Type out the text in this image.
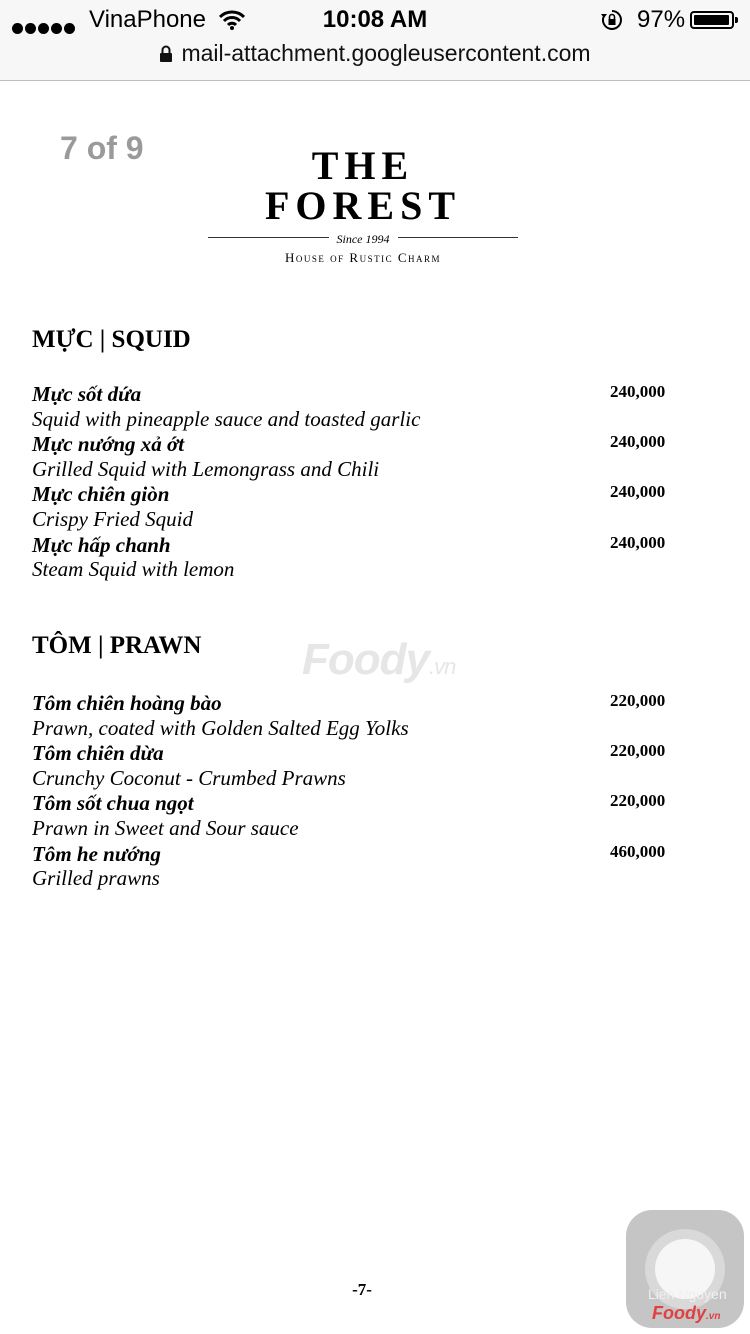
VinaPhone	10:08 AM	97%
mail-attachment.googleusercontent.com
7 of 9	THE FOREST
Since 1994
House of Rustic Charm
MỰC | SQUID
Mực sốt dứa	240,000
Squid with pineapple sauce and toasted garlic
Mực nướng xả ớt	240,000
Grilled Squid with Lemongrass and Chili
Mực chiên giòn	240,000
Crispy Fried Squid
Mực hấp chanh	240,000
Steam Squid with lemon
Foody.vn
TÔM | PRAWN
Tôm chiên hoàng bào	220,000
Prawn, coated with Golden Salted Egg Yolks
Tôm chiên dừa	220,000
Crunchy Coconut - Crumbed Prawns
Tôm sốt chua ngọt	220,000
Prawn in Sweet and Sour sauce
Tôm he nướng	460,000
Grilled prawns
-7-	Lien Nguyen
Foody.vn
